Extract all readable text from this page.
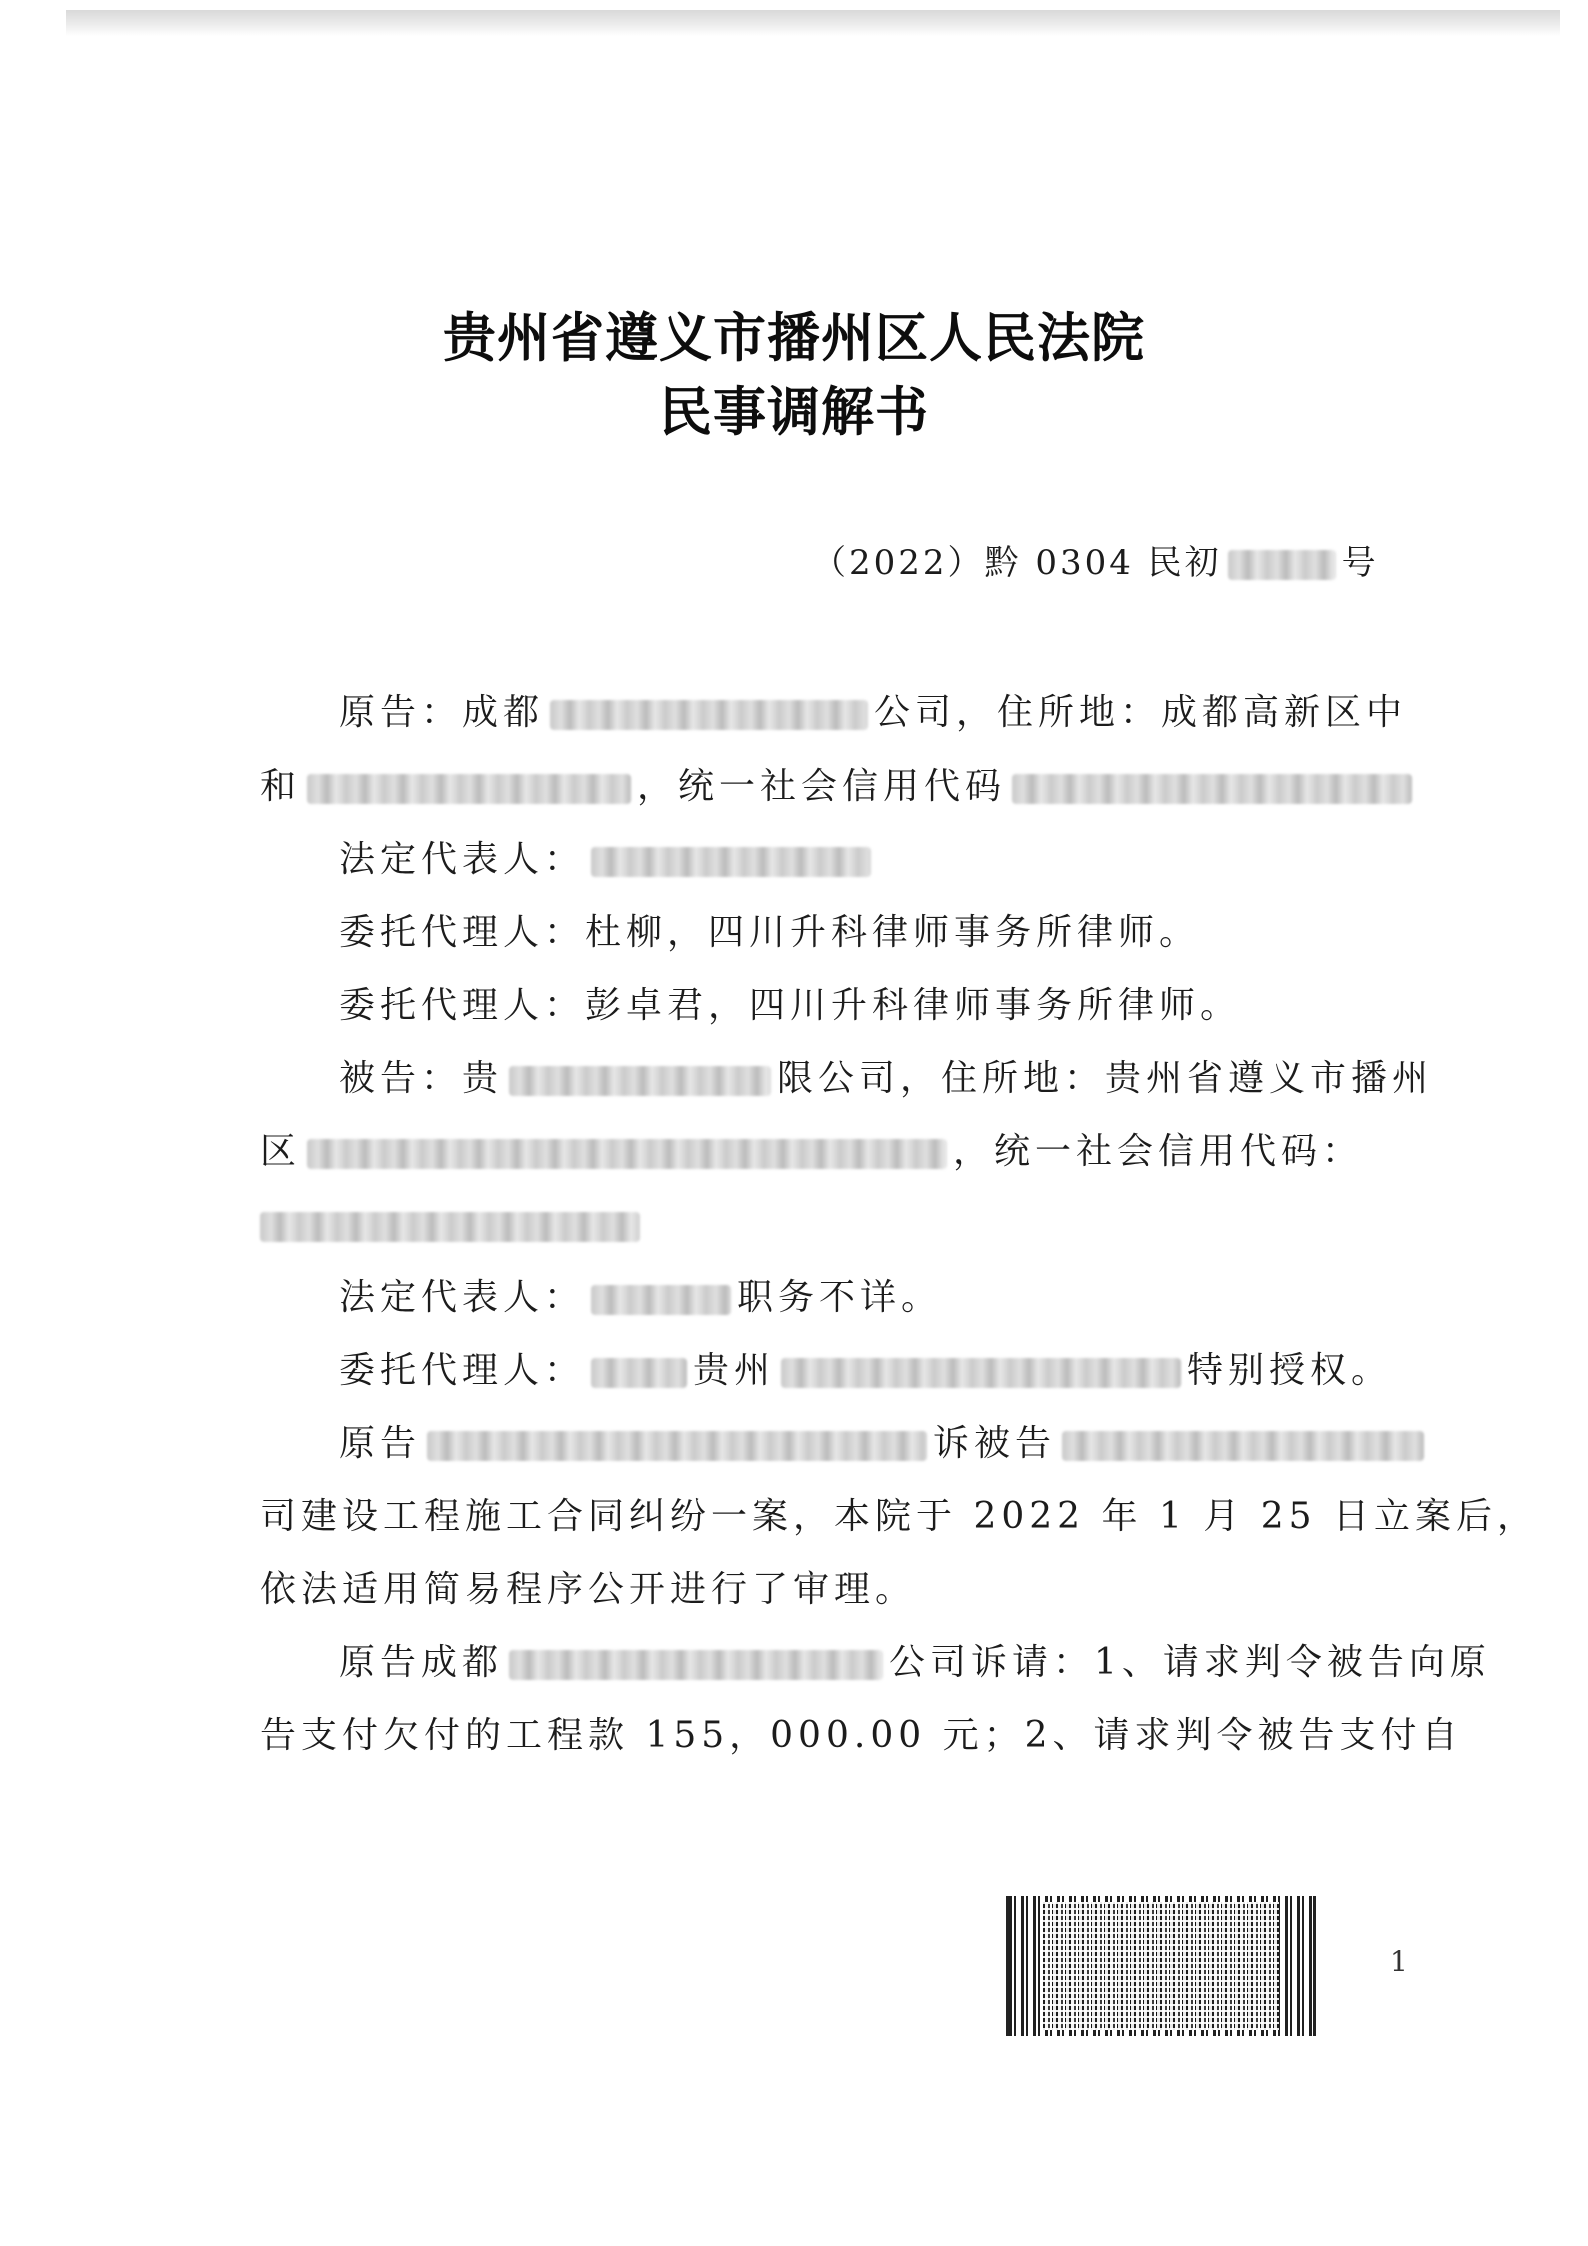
贵州省遵义市播州区人民法院
民事调解书
（2022）黔 0304 民初	号
原告：成都	公司，住所地：成都高新区中
和	，统一社会信用代码
法定代表人：
委托代理人：杜柳，四川升科律师事务所律师。
委托代理人：彭卓君，四川升科律师事务所律师。
被告：贵	限公司，住所地：贵州省遵义市播州
区	，统一社会信用代码：
法定代表人：	职务不详。
委托代理人：	贵州	特别授权。
原告	诉被告
司建设工程施工合同纠纷一案，本院于 2022 年 1 月 25 日立案后，
依法适用简易程序公开进行了审理。
原告成都	公司诉请：1、请求判令被告向原
告支付欠付的工程款 155，000.00 元；2、请求判令被告支付自
1
